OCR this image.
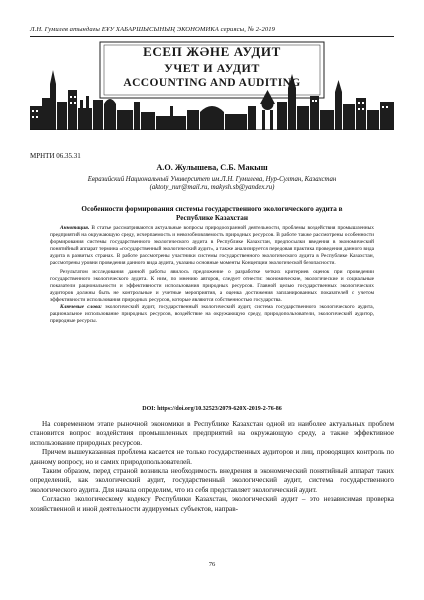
Л.Н. Гумилев атындағы ЕҰУ ХАБАРШЫСЫНЫҢ ЭКОНОМИКА сериясы, № 2-2019
ЕСЕП ЖӘНЕ АУДИТ
УЧЕТ И АУДИТ
ACCOUNTING AND AUDITING
МРНТИ 06.35.31
А.О. Жулышева, С.Б. Макыш
Евразийский Национальный Университет им.Л.Н. Гумилева, Нур-Султан, Казахстан
(aktoty_nur@mail.ru, makysh.sb@yandex.ru)
Особенности формирования системы государственного экологического аудита в
Республике Казахстан

Аннотация. В статье рассматриваются актуальные вопросы природоохранной деятельности, проблемы воздействия промышленных предприятий на окружающую среду, исчерпаемость и невозобновляемость природных ресурсов. В работе также рассмотрены особенности формирования системы государственного экологического аудита в Республике Казахстан, предпосылки введения в экономический понятийный аппарат термина «государственный экологический аудит», а также анализируется передовая практика проведения данного вида аудита в развитых странах. В работе рассмотрены участники системы государственного экологического аудита в Республике Казахстан, рассмотрены уровни проведения данного вида аудита, указаны основные моменты Концепции экологической безопасности.

Результатом исследования данной работы явилось предложение о разработке четких критериев оценок при проведении государственного экологического аудита. К ним, по мнению авторов, следует отнести: экономические, экологические и социальные показатели рациональности и эффективности использования природных ресурсов. Главной целью государственных экологических аудиторов должны быть не контрольные и учетные мероприятия, а оценка достижения запланированных показателей с учетом эффективности использования природных ресурсов, которые являются собственностью государства.

Ключевые слова: экологический аудит, государственный экологический аудит, система государственного экологического аудита, рациональное использование природных ресурсов, воздействие на окружающую среду, природопользователи, экологический аудитор, природные ресурсы.

DOI: https://doi.org/10.32523/2079-620X-2019-2-76-86

На современном этапе рыночной экономики в Республике Казахстан одной из наиболее актуальных проблем становится вопрос воздействия промышленных предприятий на окружающую среду, а также эффективное использование природных ресурсов.

Причем вышеуказанная проблема касается не только государственных аудиторов и лиц, проводящих контроль по данному вопросу, но и самих природопользователей.

Таким образом, перед страной возникла необходимость внедрения в экономический понятийный аппарат таких определений, как экологический аудит, государственный экологический аудит, система государственного экологического аудита. Для начала определим, что из себя представляет экологический аудит.

Согласно экологическому кодексу Республики Казахстан, экологический аудит – это независимая проверка хозяйственной и иной деятельности аудируемых субъектов, направ-

76
